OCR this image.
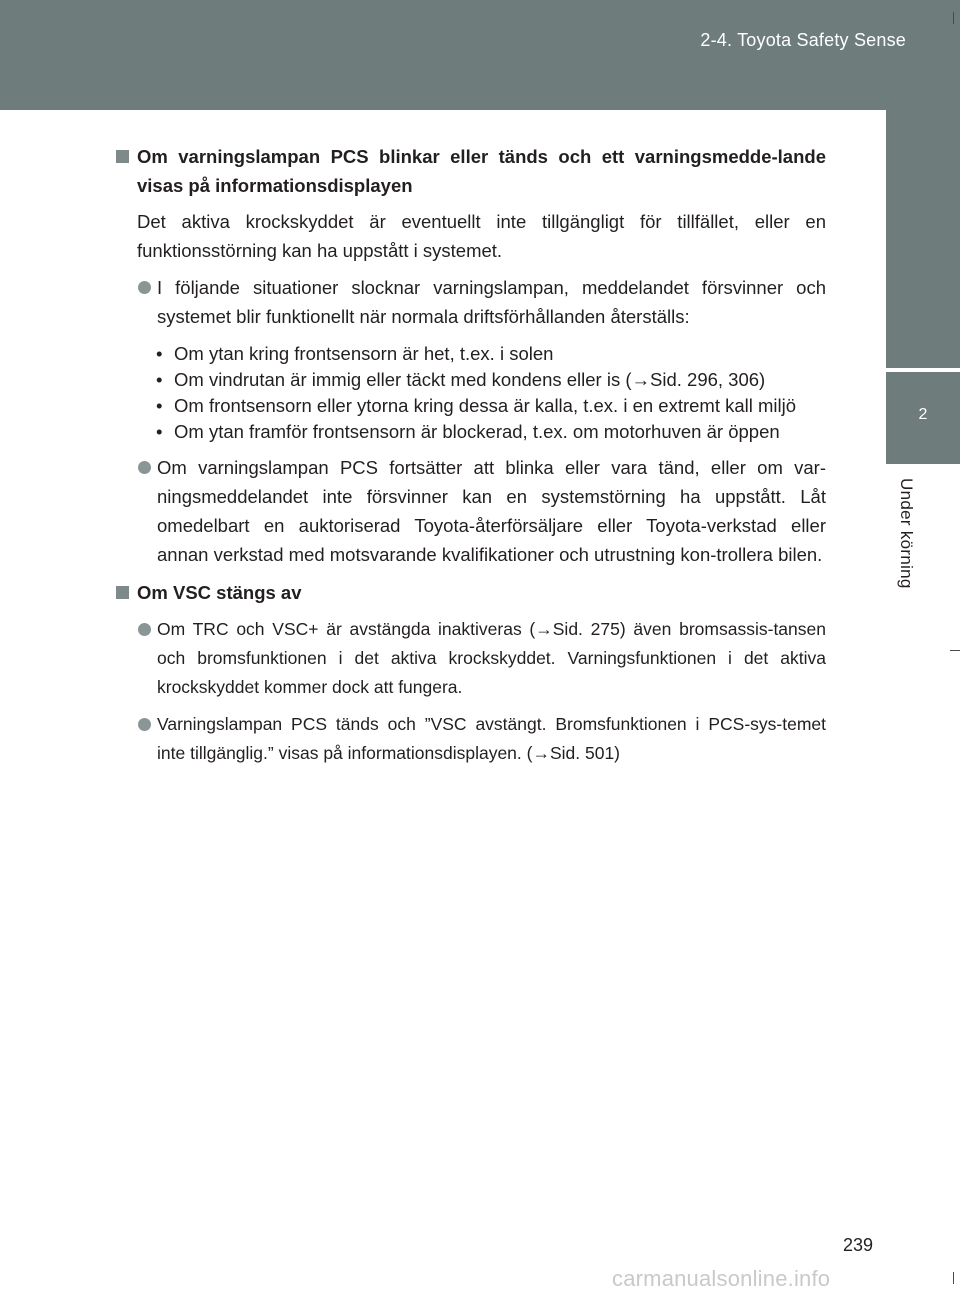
2-4. Toyota Safety Sense
2
Under körning

Om varningslampan PCS blinkar eller tänds och ett varningsmedde-lande visas på informationsdisplayen

Det aktiva krockskyddet är eventuellt inte tillgängligt för tillfället, eller en funktionsstörning kan ha uppstått i systemet.

I följande situationer slocknar varningslampan, meddelandet försvinner och systemet blir funktionellt när normala driftsförhållanden återställs:

• Om ytan kring frontsensorn är het, t.ex. i solen

• Om vindrutan är immig eller täckt med kondens eller is (→Sid. 296, 306)

• Om frontsensorn eller ytorna kring dessa är kalla, t.ex. i en extremt kall miljö

• Om ytan framför frontsensorn är blockerad, t.ex. om motorhuven är öppen

Om varningslampan PCS fortsätter att blinka eller vara tänd, eller om var-ningsmeddelandet inte försvinner kan en systemstörning ha uppstått. Låt omedelbart en auktoriserad Toyota-återförsäljare eller Toyota-verkstad eller annan verkstad med motsvarande kvalifikationer och utrustning kon-trollera bilen.

Om VSC stängs av

Om TRC och VSC+ är avstängda inaktiveras (→Sid. 275) även bromsassis-tansen och bromsfunktionen i det aktiva krockskyddet. Varningsfunktionen i det aktiva krockskyddet kommer dock att fungera.
Varningslampan PCS tänds och ”VSC avstängt. Bromsfunktionen i PCS-sys-temet inte tillgänglig.” visas på informationsdisplayen. (→Sid. 501)
239
carmanualsonline.info
